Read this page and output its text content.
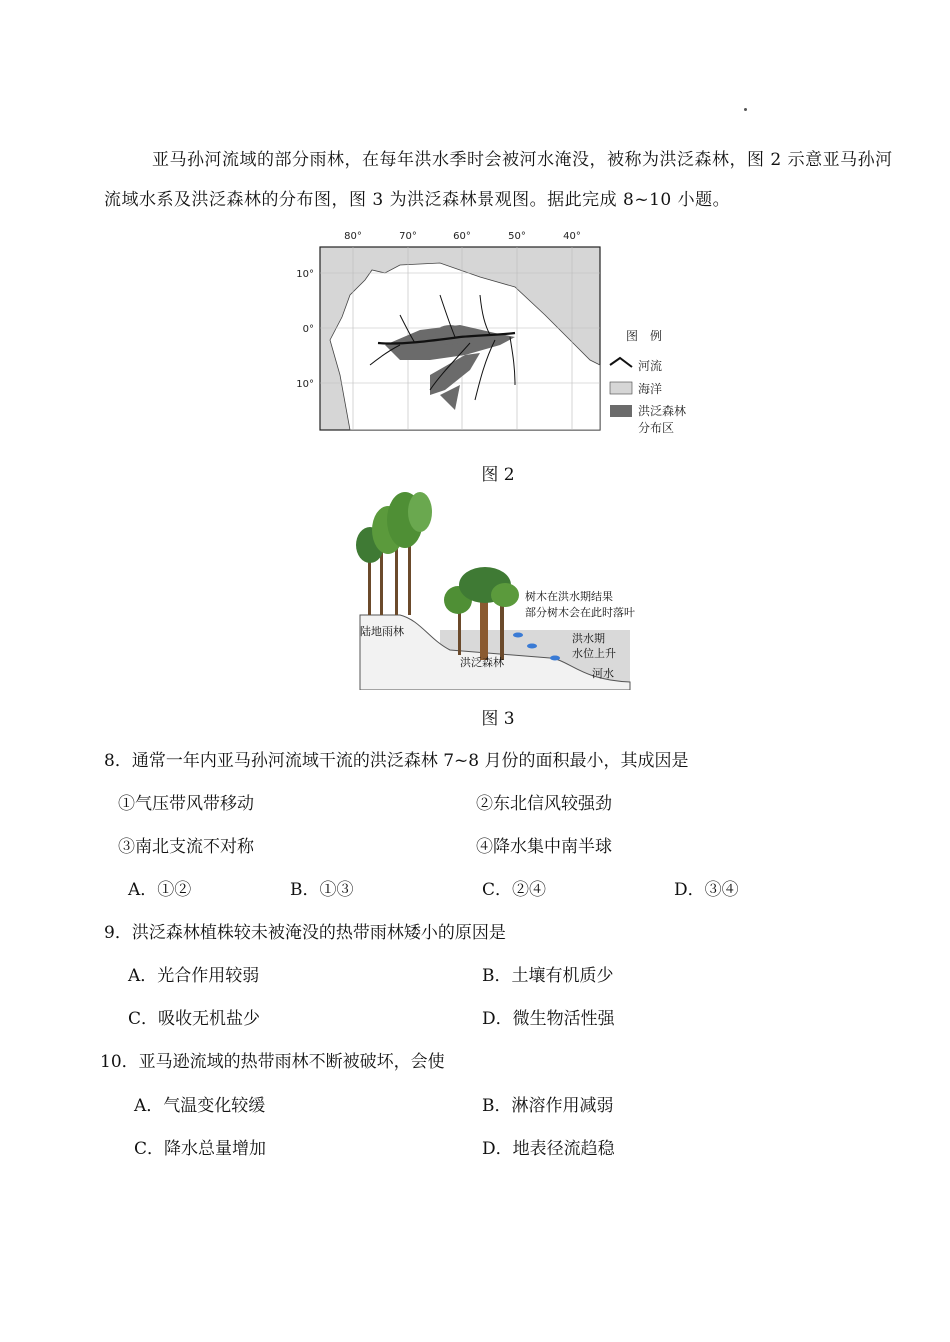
亚马孙河流域的部分雨林，在每年洪水季时会被河水淹没，被称为洪泛森林，图 2 示意亚马孙河流域水系及洪泛森林的分布图，图 3 为洪泛森林景观图。据此完成 8~10 小题。
80°	70°	60°	50°	40°
10°
0°
10°
图　例
河流
海洋
洪泛森林
分布区
图 2
陆地雨林
洪泛森林
树木在洪水期结果
部分树木会在此时落叶
洪水期
水位上升
河水
图 3
8．通常一年内亚马孙河流域干流的洪泛森林 7~8 月份的面积最小，其成因是
①气压带风带移动	②东北信风较强劲
③南北支流不对称	④降水集中南半球
A．①②	B．①③	C．②④	D．③④
9．洪泛森林植株较未被淹没的热带雨林矮小的原因是
A．光合作用较弱	B．土壤有机质少
C．吸收无机盐少	D．微生物活性强
10．亚马逊流域的热带雨林不断被破坏，会使
A．气温变化较缓	B．淋溶作用减弱
C．降水总量增加	D．地表径流趋稳
